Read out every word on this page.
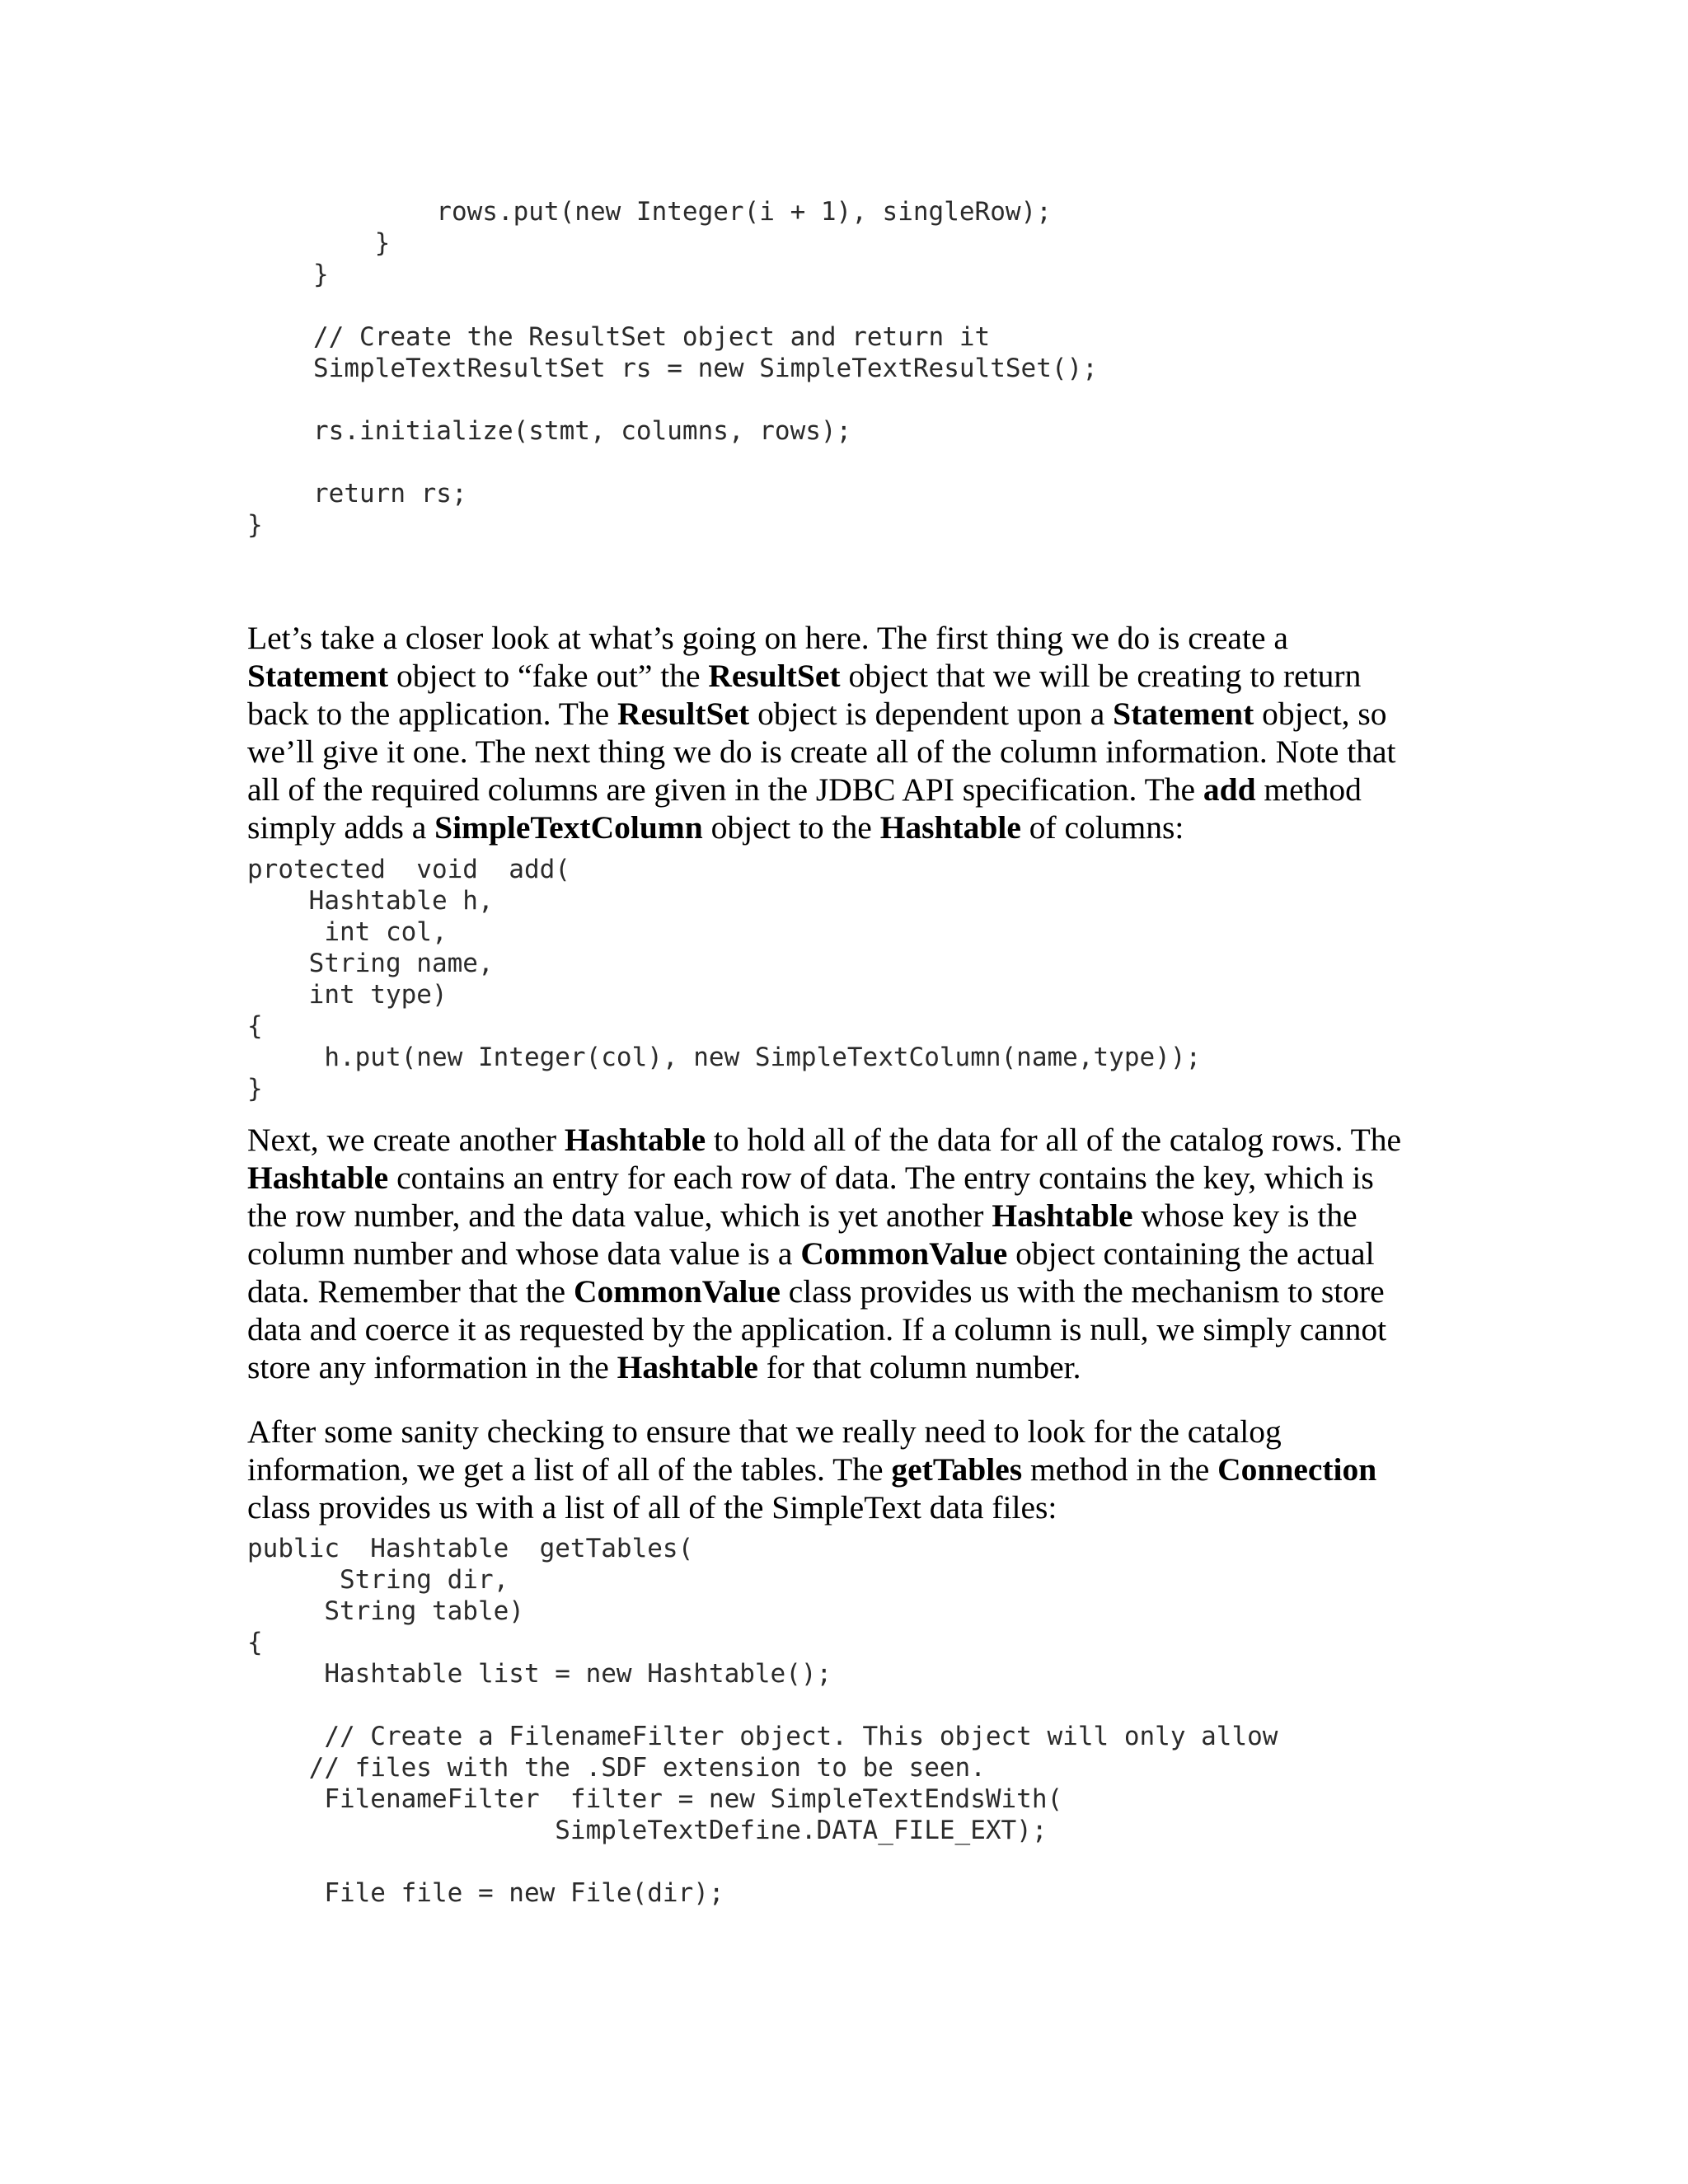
rows.put(new Integer(i + 1), singleRow);
}
}
// Create the ResultSet object and return it
SimpleTextResultSet rs = new SimpleTextResultSet();
rs.initialize(stmt, columns, rows);
return rs;
}
Let’s take a closer look at what’s going on here. The first thing we do is create a
Statement object to “fake out” the ResultSet object that we will be creating to return
back to the application. The ResultSet object is dependent upon a Statement object, so
we’ll give it one. The next thing we do is create all of the column information. Note that
all of the required columns are given in the JDBC API specification. The add method
simply adds a SimpleTextColumn object to the Hashtable of columns:
protected  void  add(
Hashtable h,
int col,
String name,
int type)
{
h.put(new Integer(col), new SimpleTextColumn(name,type));
}
Next, we create another Hashtable to hold all of the data for all of the catalog rows. The
Hashtable contains an entry for each row of data. The entry contains the key, which is
the row number, and the data value, which is yet another Hashtable whose key is the
column number and whose data value is a CommonValue object containing the actual
data. Remember that the CommonValue class provides us with the mechanism to store
data and coerce it as requested by the application. If a column is null, we simply cannot
store any information in the Hashtable for that column number.
After some sanity checking to ensure that we really need to look for the catalog
information, we get a list of all of the tables. The getTables method in the Connection
class provides us with a list of all of the SimpleText data files:
public  Hashtable  getTables(
String dir,
String table)
{
Hashtable list = new Hashtable();
// Create a FilenameFilter object. This object will only allow
// files with the .SDF extension to be seen.
FilenameFilter  filter = new SimpleTextEndsWith(
SimpleTextDefine.DATA_FILE_EXT);
File file = new File(dir);
